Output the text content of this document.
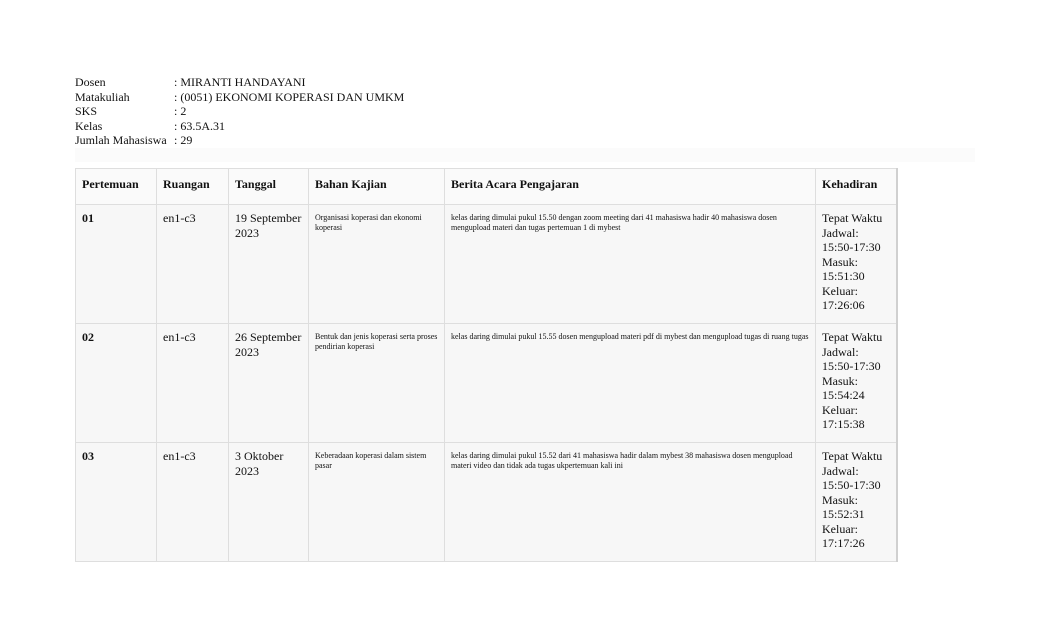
Dosen	: MIRANTI HANDAYANI
Matakuliah	: (0051) EKONOMI KOPERASI DAN UMKM
SKS	: 2
Kelas	: 63.5A.31
Jumlah Mahasiswa : 29
Pertemuan	Ruangan	Tanggal	Bahan Kajian	Berita Acara Pengajaran	Kehadiran
01	en1-c3	19 September 2023	Organisasi koperasi dan ekonomi koperasi	kelas daring dimulai pukul 15.50 dengan zoom meeting dari 41 mahasiswa hadir 40 mahasiswa dosen mengupload materi dan tugas pertemuan 1 di mybest	Tepat Waktu
Jadwal: 15:50-17:30
Masuk: 15:51:30
Keluar: 17:26:06

02	en1-c3	26 September 2023	Bentuk dan jenis koperasi serta proses pendirian koperasi	kelas daring dimulai pukul 15.55 dosen mengupload materi pdf di mybest dan mengupload tugas di ruang tugas	Tepat Waktu
Jadwal: 15:50-17:30
Masuk: 15:54:24
Keluar: 17:15:38

03	en1-c3	3 Oktober 2023	Keberadaan koperasi dalam sistem pasar	kelas daring dimulai pukul 15.52 dari 41 mahasiswa hadir dalam mybest 38 mahasiswa dosen mengupload materi video dan tidak ada tugas ukpertemuan kali ini	Tepat Waktu
Jadwal: 15:50-17:30
Masuk: 15:52:31
Keluar: 17:17:26
